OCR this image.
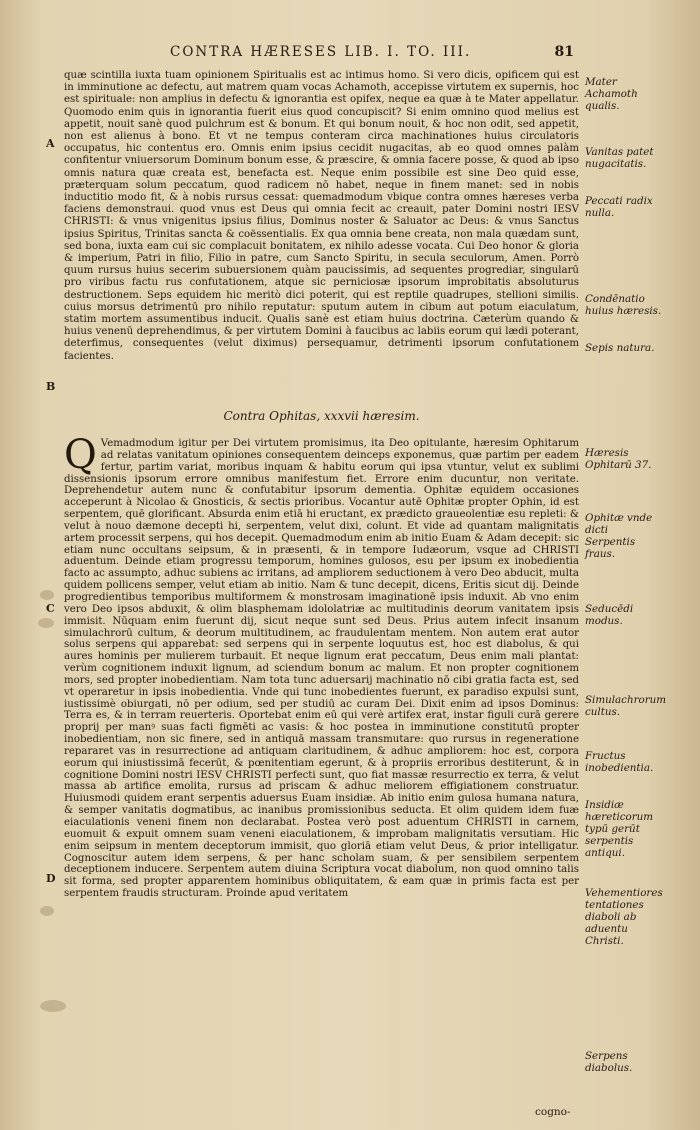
CONTRA HÆRESES LIB. I. TO. III.	81

quæ scintilla iuxta tuam opinionem Spiritualis est ac intimus homo. Si vero dicis, opificem qui est in imminutione ac defectu, aut matrem quam vocas Achamoth, accepisse virtutem ex supernis, hoc est spirituale: non amplius in defectu & ignorantia est opifex, neque ea quæ à te Mater appellatur. Quomodo enim quis in ignorantia fuerit eius quod concupiscit? Si enim omnino quod melius est appetit, nouit sanè quod pulchrum est & bonum. Et qui bonum nouit, & hoc non odit, sed appetit, non est alienus à bono. Et vt ne tempus conteram circa machinationes huius circulatoris occupatus, hic contentus ero. Omnis enim ipsius cecidit nugacitas, ab eo quod omnes palàm confitentur vniuersorum Dominum bonum esse, & præscire, & omnia facere posse, & quod ab ipso omnis natura quæ creata est, benefacta est. Neque enim possibile est sine Deo quid esse, præterquam solum peccatum, quod radicem nō habet, neque in finem manet: sed in nobis inductitio modo fit, & à nobis rursus cessat: quemadmodum vbique contra omnes hæreses verba faciens demonstraui. quod vnus est Deus qui omnia fecit ac creauit, pater Domini nostri IESV CHRISTI: & vnus vnigenitus ipsius filius, Dominus noster & Saluator ac Deus: & vnus Sanctus ipsius Spiritus, Trinitas sancta & coëssentialis. Ex qua omnia bene creata, non mala quædam sunt, sed bona, iuxta eam cui sic complacuit bonitatem, ex nihilo adesse vocata. Cui Deo honor & gloria & imperium, Patri in filio, Filio in patre, cum Sancto Spiritu, in secula seculorum, Amen. Porrò quum rursus huius secerim subuersionem quàm paucissimis, ad sequentes progrediar, singularū pro viribus factu rus confutationem, atque sic perniciosæ ipsorum improbitatis absoluturus destructionem. Seps equidem hic meritò dici poterit, qui est reptile quadrupes, stellioni similis. cuius morsus detrimentū pro nihilo reputatur: sputum autem in cibum aut potum eiaculatum, statim mortem assumentibus inducit. Qualis sanè est etiam huius doctrina. Cæterùm quando & huius venenū deprehendimus, & per virtutem Domini à faucibus ac labiis eorum qui lædi poterant, deterfimus, consequentes (velut diximus) persequamur, detrimenti ipsorum confutationem facientes.

Contra Ophitas, xxxvii hæresim.
Q Vemadmodum igitur per Dei virtutem promisimus, ita Deo opitulante, hæresim Ophitarum ad relatas vanitatum opiniones consequentem deinceps exponemus, quæ partim per eadem fertur, partim variat, moribus inquam & habitu eorum qui ipsa vtuntur, velut ex sublimi dissensionis ipsorum errore omnibus manifestum fiet. Errore enim ducuntur, non veritate. Deprehendetur autem nunc & confutabitur ipsorum dementia. Ophitæ equidem occasiones acceperunt à Nicolao & Gnosticis, & sectis prioribus. Vocantur autē Ophitæ propter Ophin, id est serpentem, quē glorificant. Absurda enim etiā hi eructant, ex prædicto graueolentiæ esu repleti: & velut à nouo dæmone decepti hi, serpentem, velut dixi, colunt. Et vide ad quantam malignitatis artem processit serpens, qui hos decepit. Quemadmodum enim ab initio Euam & Adam decepit: sic etiam nunc occultans seipsum, & in præsenti, & in tempore Iudæorum, vsque ad CHRISTI aduentum. Deinde etiam progressu temporum, homines gulosos, esu per ipsum ex inobedientia facto ac assumpto, adhuc subiens ac irritans, ad ampliorem seductionem à vero Deo abducit, multa quidem pollicens semper, velut etiam ab initio. Nam & tunc decepit, dicens, Eritis sicut dij. Deinde progredientibus temporibus multiformem & monstrosam imaginationē ipsis induxit. Ab vno enim vero Deo ipsos abduxit, & olim blasphemam idololatriæ ac multitudinis deorum vanitatem ipsis immisit. Nūquam enim fuerunt dij, sicut neque sunt sed Deus. Prius autem infecit insanum simulachrorū cultum, & deorum multitudinem, ac fraudulentam mentem. Non autem erat autor solus serpens qui apparebat: sed serpens qui in serpente loquutus est, hoc est diabolus, & qui aures hominis per mulierem turbauit. Et neque lignum erat peccatum, Deus enim mali plantat: verùm cognitionem induxit lignum, ad sciendum bonum ac malum. Et non propter cognitionem mors, sed propter inobedientiam. Nam tota tunc aduersarij machinatio nō cibi gratia facta est, sed vt operaretur in ipsis inobedientia. Vnde qui tunc inobedientes fuerunt, ex paradiso expulsi sunt, iustissimè obiurgati, nō per odium, sed per studiū ac curam Dei. Dixit enim ad ipsos Dominus: Terra es, & in terram reuerteris. Oportebat enim eū qui verè artifex erat, instar figuli curā gerere proprij per manꝰ suas facti figmēti ac vasis: & hoc postea in imminutione constitutū propter inobedientiam, non sic finere, sed in antiquā massam transmutare: quo rursus in regeneratione repararet vas in resurrectione ad antiquam claritudinem, & adhuc ampliorem: hoc est, corpora eorum qui iniustissimā fecerūt, & pœnitentiam egerunt, & à propriis erroribus destiterunt, & in cognitione Domini nostri IESV CHRISTI perfecti sunt, quo fiat massæ resurrectio ex terra, & velut massa ab artifice emolita, rursus ad priscam & adhuc meliorem effigiationem construatur. Huiusmodi quidem erant serpentis aduersus Euam insidiæ. Ab initio enim gulosa humana natura, & semper vanitatis dogmatibus, ac inanibus promissionibus seducta. Et olim quidem idem fuæ eiaculationis veneni finem non declarabat. Postea verò post aduentum CHRISTI in carnem, euomuit & expuit omnem suam veneni eiaculationem, & improbam malignitatis versutiam. Hic enim seipsum in mentem deceptorum immisit, quo gloriā etiam velut Deus, & prior intelligatur. Cognoscitur autem idem serpens, & per hanc scholam suam, & per sensibilem serpentem deceptionem inducere. Serpentem autem diuina Scriptura vocat diabolum, non quod omnino talis sit forma, sed propter apparentem hominibus obliquitatem, & eam quæ in primis facta est per serpentem fraudis structuram. Proinde apud veritatem

cogno-
A
B
C
D
Mater Achamoth qualis.
Vanitas patet nugacitatis.
Peccati radix nulla.
Condēnatio huius hæresis.
Sepis natura.
Hæresis Ophitarū 37.
Ophitæ vnde dicti
Serpentis fraus.
Seducēdi modus.
Simulachrorum cultus.
Fructus inobedientia.
Insidiæ hæreticorum typū gerūt serpentis antiqui.
Vehementiores tentationes diaboli ab aduentu Christi.
Serpens diabolus.
